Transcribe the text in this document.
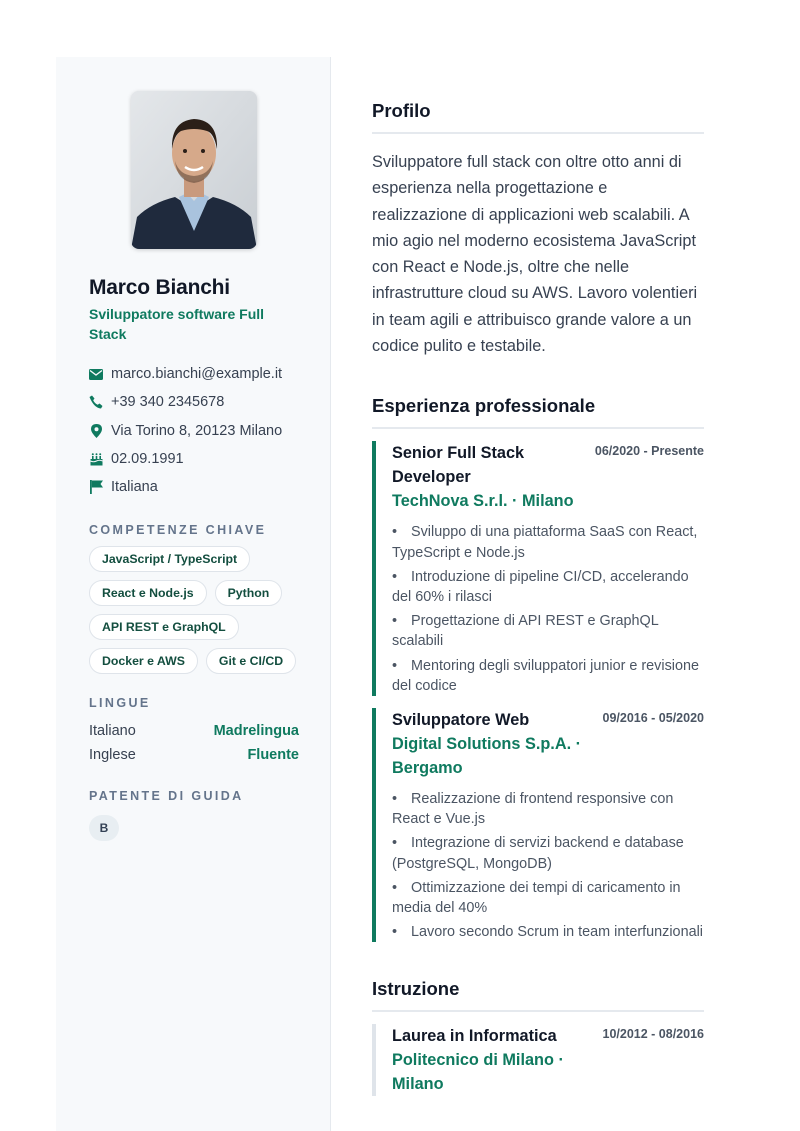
Marco Bianchi
Sviluppatore software Full Stack
marco.bianchi@example.it
+39 340 2345678
Via Torino 8, 20123 Milano
02.09.1991
Italiana
COMPETENZE CHIAVE
JavaScript / TypeScript
React e Node.js	Python
API REST e GraphQL
Docker e AWS	Git e CI/CD
LINGUE
Italiano	Madrelingua
Inglese	Fluente
PATENTE DI GUIDA
B
Profilo

Sviluppatore full stack con oltre otto anni di esperienza nella progettazione e realizzazione di applicazioni web scalabili. A mio agio nel moderno ecosistema JavaScript con React e Node.js, oltre che nelle infrastrutture cloud su AWS. Lavoro volentieri in team agili e attribuisco grande valore a un codice pulito e testabile.

Esperienza professionale
Senior Full Stack Developer
TechNova S.r.l. · Milano
06/2020 - Presente
• Sviluppo di una piattaforma SaaS con React, TypeScript e Node.js
• Introduzione di pipeline CI/CD, accelerando del 60% i rilasci
• Progettazione di API REST e GraphQL scalabili
• Mentoring degli sviluppatori junior e revisione del codice
Sviluppatore Web
Digital Solutions S.p.A. · Bergamo
09/2016 - 05/2020
• Realizzazione di frontend responsive con React e Vue.js
• Integrazione di servizi backend e database (PostgreSQL, MongoDB)
• Ottimizzazione dei tempi di caricamento in media del 40%
• Lavoro secondo Scrum in team interfunzionali
Istruzione
Laurea in Informatica
Politecnico di Milano · Milano
10/2012 - 08/2016
